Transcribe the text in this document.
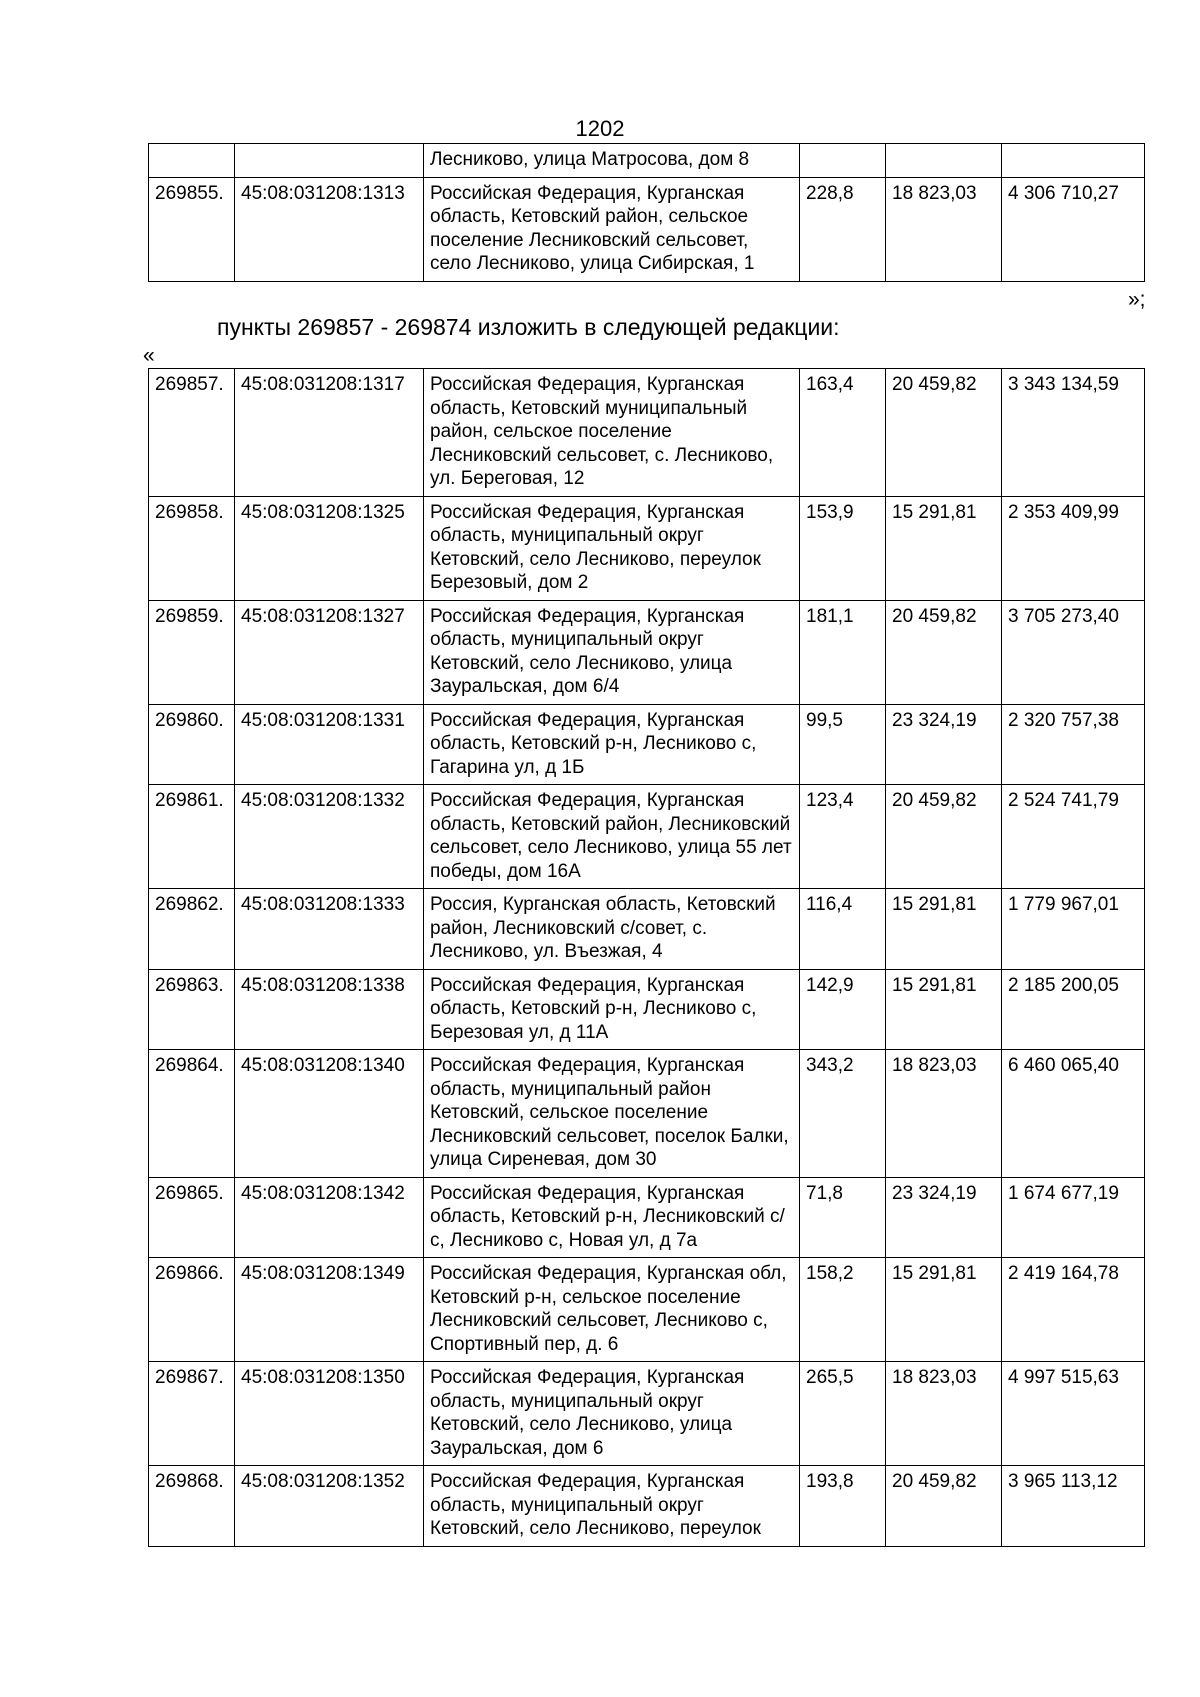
1202
		Лесниково, улица Матросова, дом 8			
269855.	45:08:031208:1313	Российская Федерация, Курганская область, Кетовский район, сельское поселение Лесниковский сельсовет, село Лесниково, улица Сибирская, 1	228,8	18 823,03	4 306 710,27
»;
пункты 269857 - 269874 изложить в следующей редакции:
«
269857.	45:08:031208:1317	Российская Федерация, Курганская область, Кетовский муниципальный район, сельское поселение Лесниковский сельсовет, с. Лесниково, ул. Береговая, 12	163,4	20 459,82	3 343 134,59
269858.	45:08:031208:1325	Российская Федерация, Курганская область, муниципальный округ Кетовский, село Лесниково, переулок Березовый, дом 2	153,9	15 291,81	2 353 409,99
269859.	45:08:031208:1327	Российская Федерация, Курганская область, муниципальный округ Кетовский, село Лесниково, улица Зауральская, дом 6/4	181,1	20 459,82	3 705 273,40
269860.	45:08:031208:1331	Российская Федерация, Курганская область, Кетовский р-н, Лесниково с, Гагарина ул, д 1Б	99,5	23 324,19	2 320 757,38
269861.	45:08:031208:1332	Российская Федерация, Курганская область, Кетовский район, Лесниковский сельсовет, село Лесниково, улица 55 лет победы, дом 16А	123,4	20 459,82	2 524 741,79
269862.	45:08:031208:1333	Россия, Курганская область, Кетовский район, Лесниковский с/совет, с. Лесниково, ул. Въезжая, 4	116,4	15 291,81	1 779 967,01
269863.	45:08:031208:1338	Российская Федерация, Курганская область, Кетовский р-н, Лесниково с, Березовая ул, д 11А	142,9	15 291,81	2 185 200,05
269864.	45:08:031208:1340	Российская Федерация, Курганская область, муниципальный район Кетовский, сельское поселение Лесниковский сельсовет, поселок Балки, улица Сиреневая, дом 30	343,2	18 823,03	6 460 065,40
269865.	45:08:031208:1342	Российская Федерация, Курганская область, Кетовский р-н, Лесниковский с/с, Лесниково с, Новая ул, д 7а	71,8	23 324,19	1 674 677,19
269866.	45:08:031208:1349	Российская Федерация, Курганская обл, Кетовский р-н, сельское поселение Лесниковский сельсовет, Лесниково с, Спортивный пер, д. 6	158,2	15 291,81	2 419 164,78
269867.	45:08:031208:1350	Российская Федерация, Курганская область, муниципальный округ Кетовский, село Лесниково, улица Зауральская, дом 6	265,5	18 823,03	4 997 515,63
269868.	45:08:031208:1352	Российская Федерация, Курганская область, муниципальный округ Кетовский, село Лесниково, переулок	193,8	20 459,82	3 965 113,12
